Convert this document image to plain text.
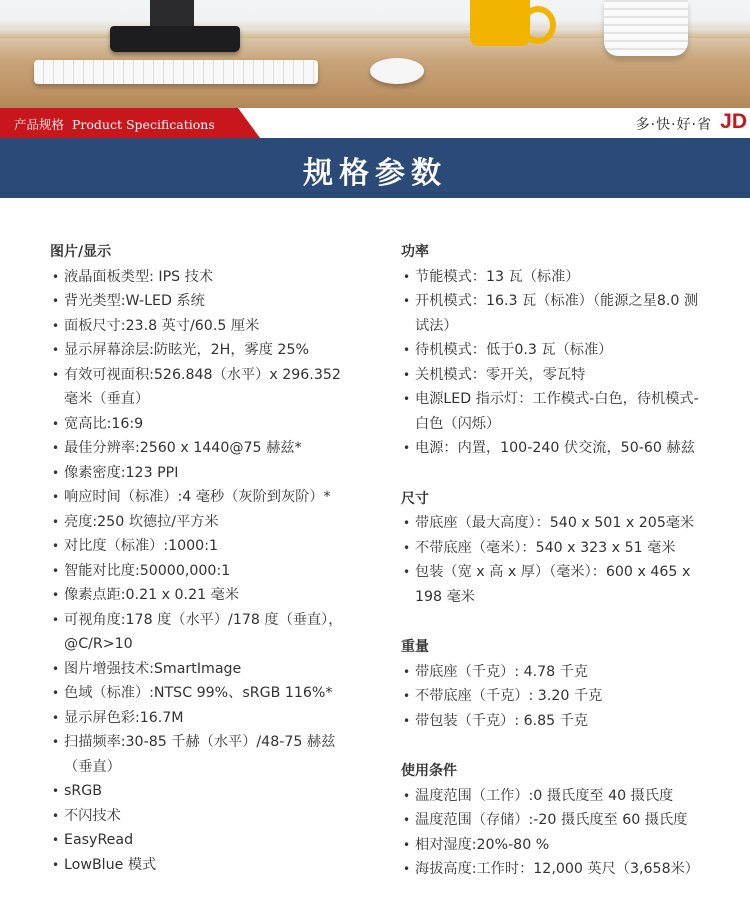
产品规格 Product Specifications	多·快·好·省 JD
规格参数
图片/显示
• 液晶面板类型: IPS 技术
• 背光类型:W-LED 系统
• 面板尺寸:23.8 英寸/60.5 厘米
• 显示屏幕涂层:防眩光，2H，雾度 25%
• 有效可视面积:526.848（水平）x 296.352 毫米（垂直）
• 宽高比:16:9
• 最佳分辨率:2560 x 1440@75 赫兹*
• 像素密度:123 PPI
• 响应时间（标准）:4 毫秒（灰阶到灰阶）*
• 亮度:250 坎德拉/平方米
• 对比度（标准）:1000:1
• 智能对比度:50000,000:1
• 像素点距:0.21 x 0.21 毫米
• 可视角度:178 度（水平）/178 度（垂直），@C/R>10
• 图片增强技术:SmartImage
• 色域（标准）:NTSC 99%、sRGB 116%*
• 显示屏色彩:16.7M
• 扫描频率:30-85 千赫（水平）/48-75 赫兹（垂直）
• sRGB
• 不闪技术
• EasyRead
• LowBlue 模式
功率
• 节能模式：13 瓦（标准）
• 开机模式：16.3 瓦（标准）（能源之星8.0 测试法）
• 待机模式：低于0.3 瓦（标准）
• 关机模式：零开关，零瓦特
• 电源LED 指示灯：工作模式-白色，待机模式-白色（闪烁）
• 电源：内置，100-240 伏交流，50-60 赫兹
尺寸
• 带底座（最大高度）：540 x 501 x 205毫米
• 不带底座（毫米）：540 x 323 x 51 毫米
• 包装（宽 x 高 x 厚）（毫米）：600 x 465 x 198 毫米
重量
• 带底座（千克）: 4.78 千克
• 不带底座（千克）: 3.20 千克
• 带包装（千克）: 6.85 千克
使用条件
• 温度范围（工作）:0 摄氏度至 40 摄氏度
• 温度范围（存储）:-20 摄氏度至 60 摄氏度
• 相对湿度:20%-80 %
• 海拔高度:工作时：12,000 英尺（3,658米）
